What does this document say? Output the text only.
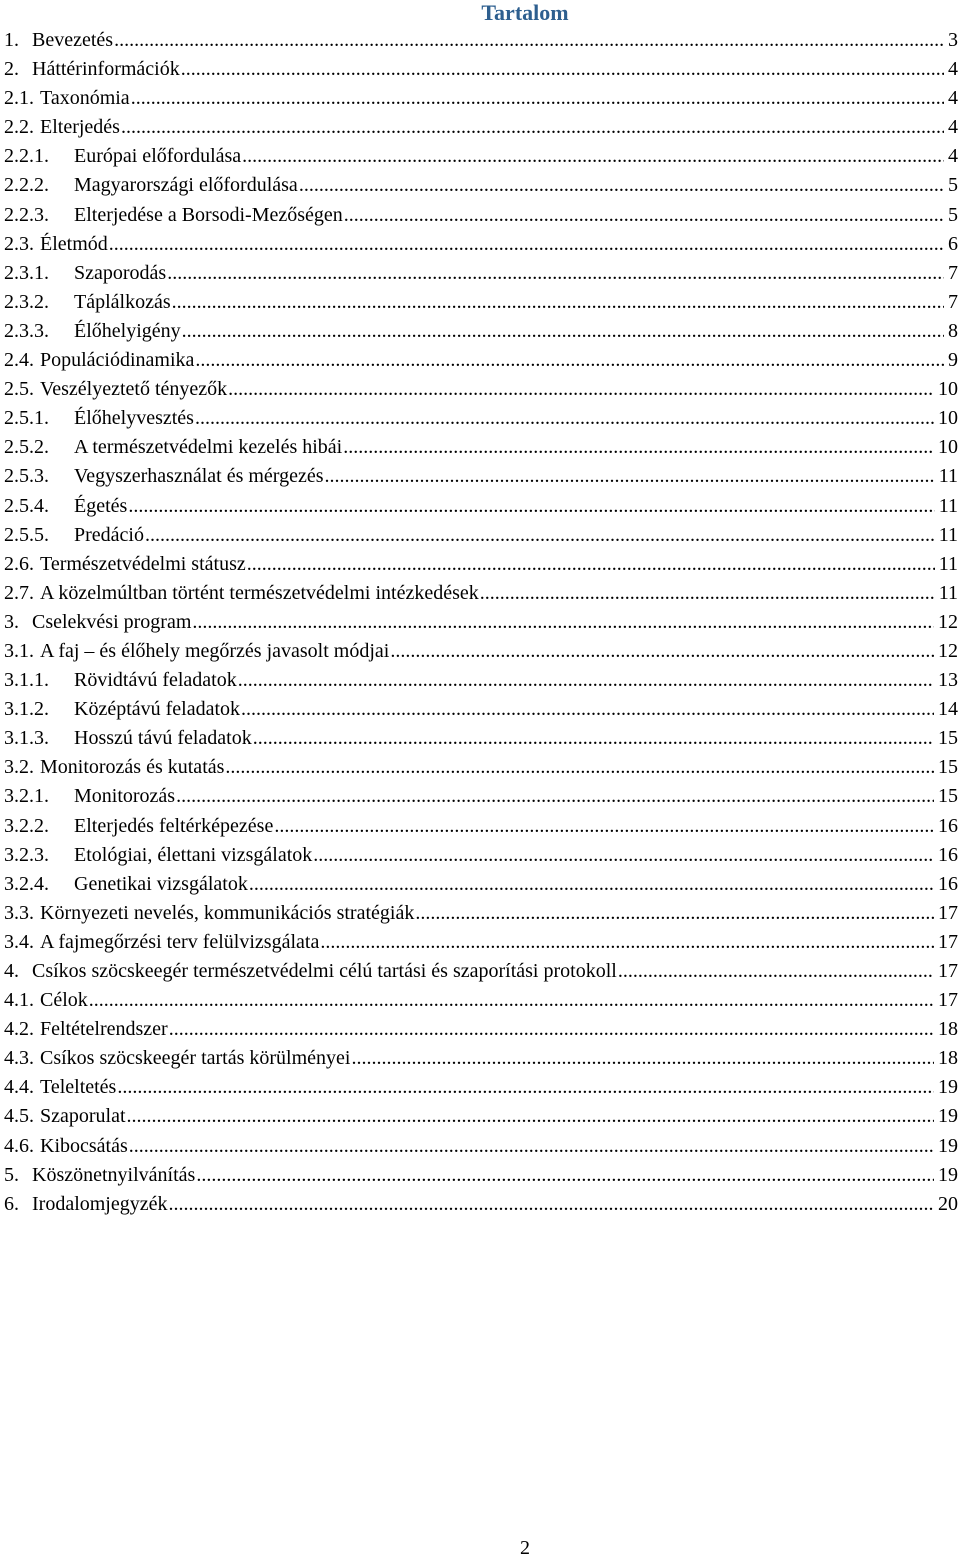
Tartalom
1. Bevezetés .....	3
2. Háttérinformációk .....	4
2.1. Taxonómia .....	4
2.2. Elterjedés .....	4
2.2.1.	Európai előfordulása .....	4
2.2.2.	Magyarországi előfordulása .....	5
2.2.3.	Elterjedése a Borsodi-Mezőségen .....	5
2.3. Életmód .....	6
2.3.1.	Szaporodás .....	7
2.3.2.	Táplálkozás .....	7
2.3.3.	Élőhelyigény .....	8
2.4. Populációdinamika .....	9
2.5. Veszélyeztető tényezők .....	10
2.5.1.	Élőhelyvesztés .....	10
2.5.2.	A természetvédelmi kezelés hibái .....	10
2.5.3.	Vegyszerhasználat és mérgezés .....	11
2.5.4.	Égetés .....	11
2.5.5.	Predáció .....	11
2.6. Természetvédelmi státusz .....	11
2.7. A közelmúltban történt természetvédelmi intézkedések .....	11
3. Cselekvési program .....	12
3.1. A faj – és élőhely megőrzés javasolt módjai .....	12
3.1.1.	Rövidtávú feladatok .....	13
3.1.2.	Középtávú feladatok .....	14
3.1.3.	Hosszú távú feladatok .....	15
3.2. Monitorozás és kutatás .....	15
3.2.1.	Monitorozás .....	15
3.2.2.	Elterjedés feltérképezése .....	16
3.2.3.	Etológiai, élettani vizsgálatok .....	16
3.2.4.	Genetikai vizsgálatok .....	16
3.3. Környezeti nevelés, kommunikációs stratégiák .....	17
3.4. A fajmegőrzési terv felülvizsgálata .....	17
4. Csíkos szöcskeegér természetvédelmi célú tartási és szaporítási protokoll .....	17
4.1. Célok .....	17
4.2. Feltételrendszer .....	18
4.3. Csíkos szöcskeegér tartás körülményei .....	18
4.4. Teleltetés .....	19
4.5. Szaporulat .....	19
4.6. Kibocsátás .....	19
5. Köszönetnyilvánítás .....	19
6. Irodalomjegyzék .....	20
2
